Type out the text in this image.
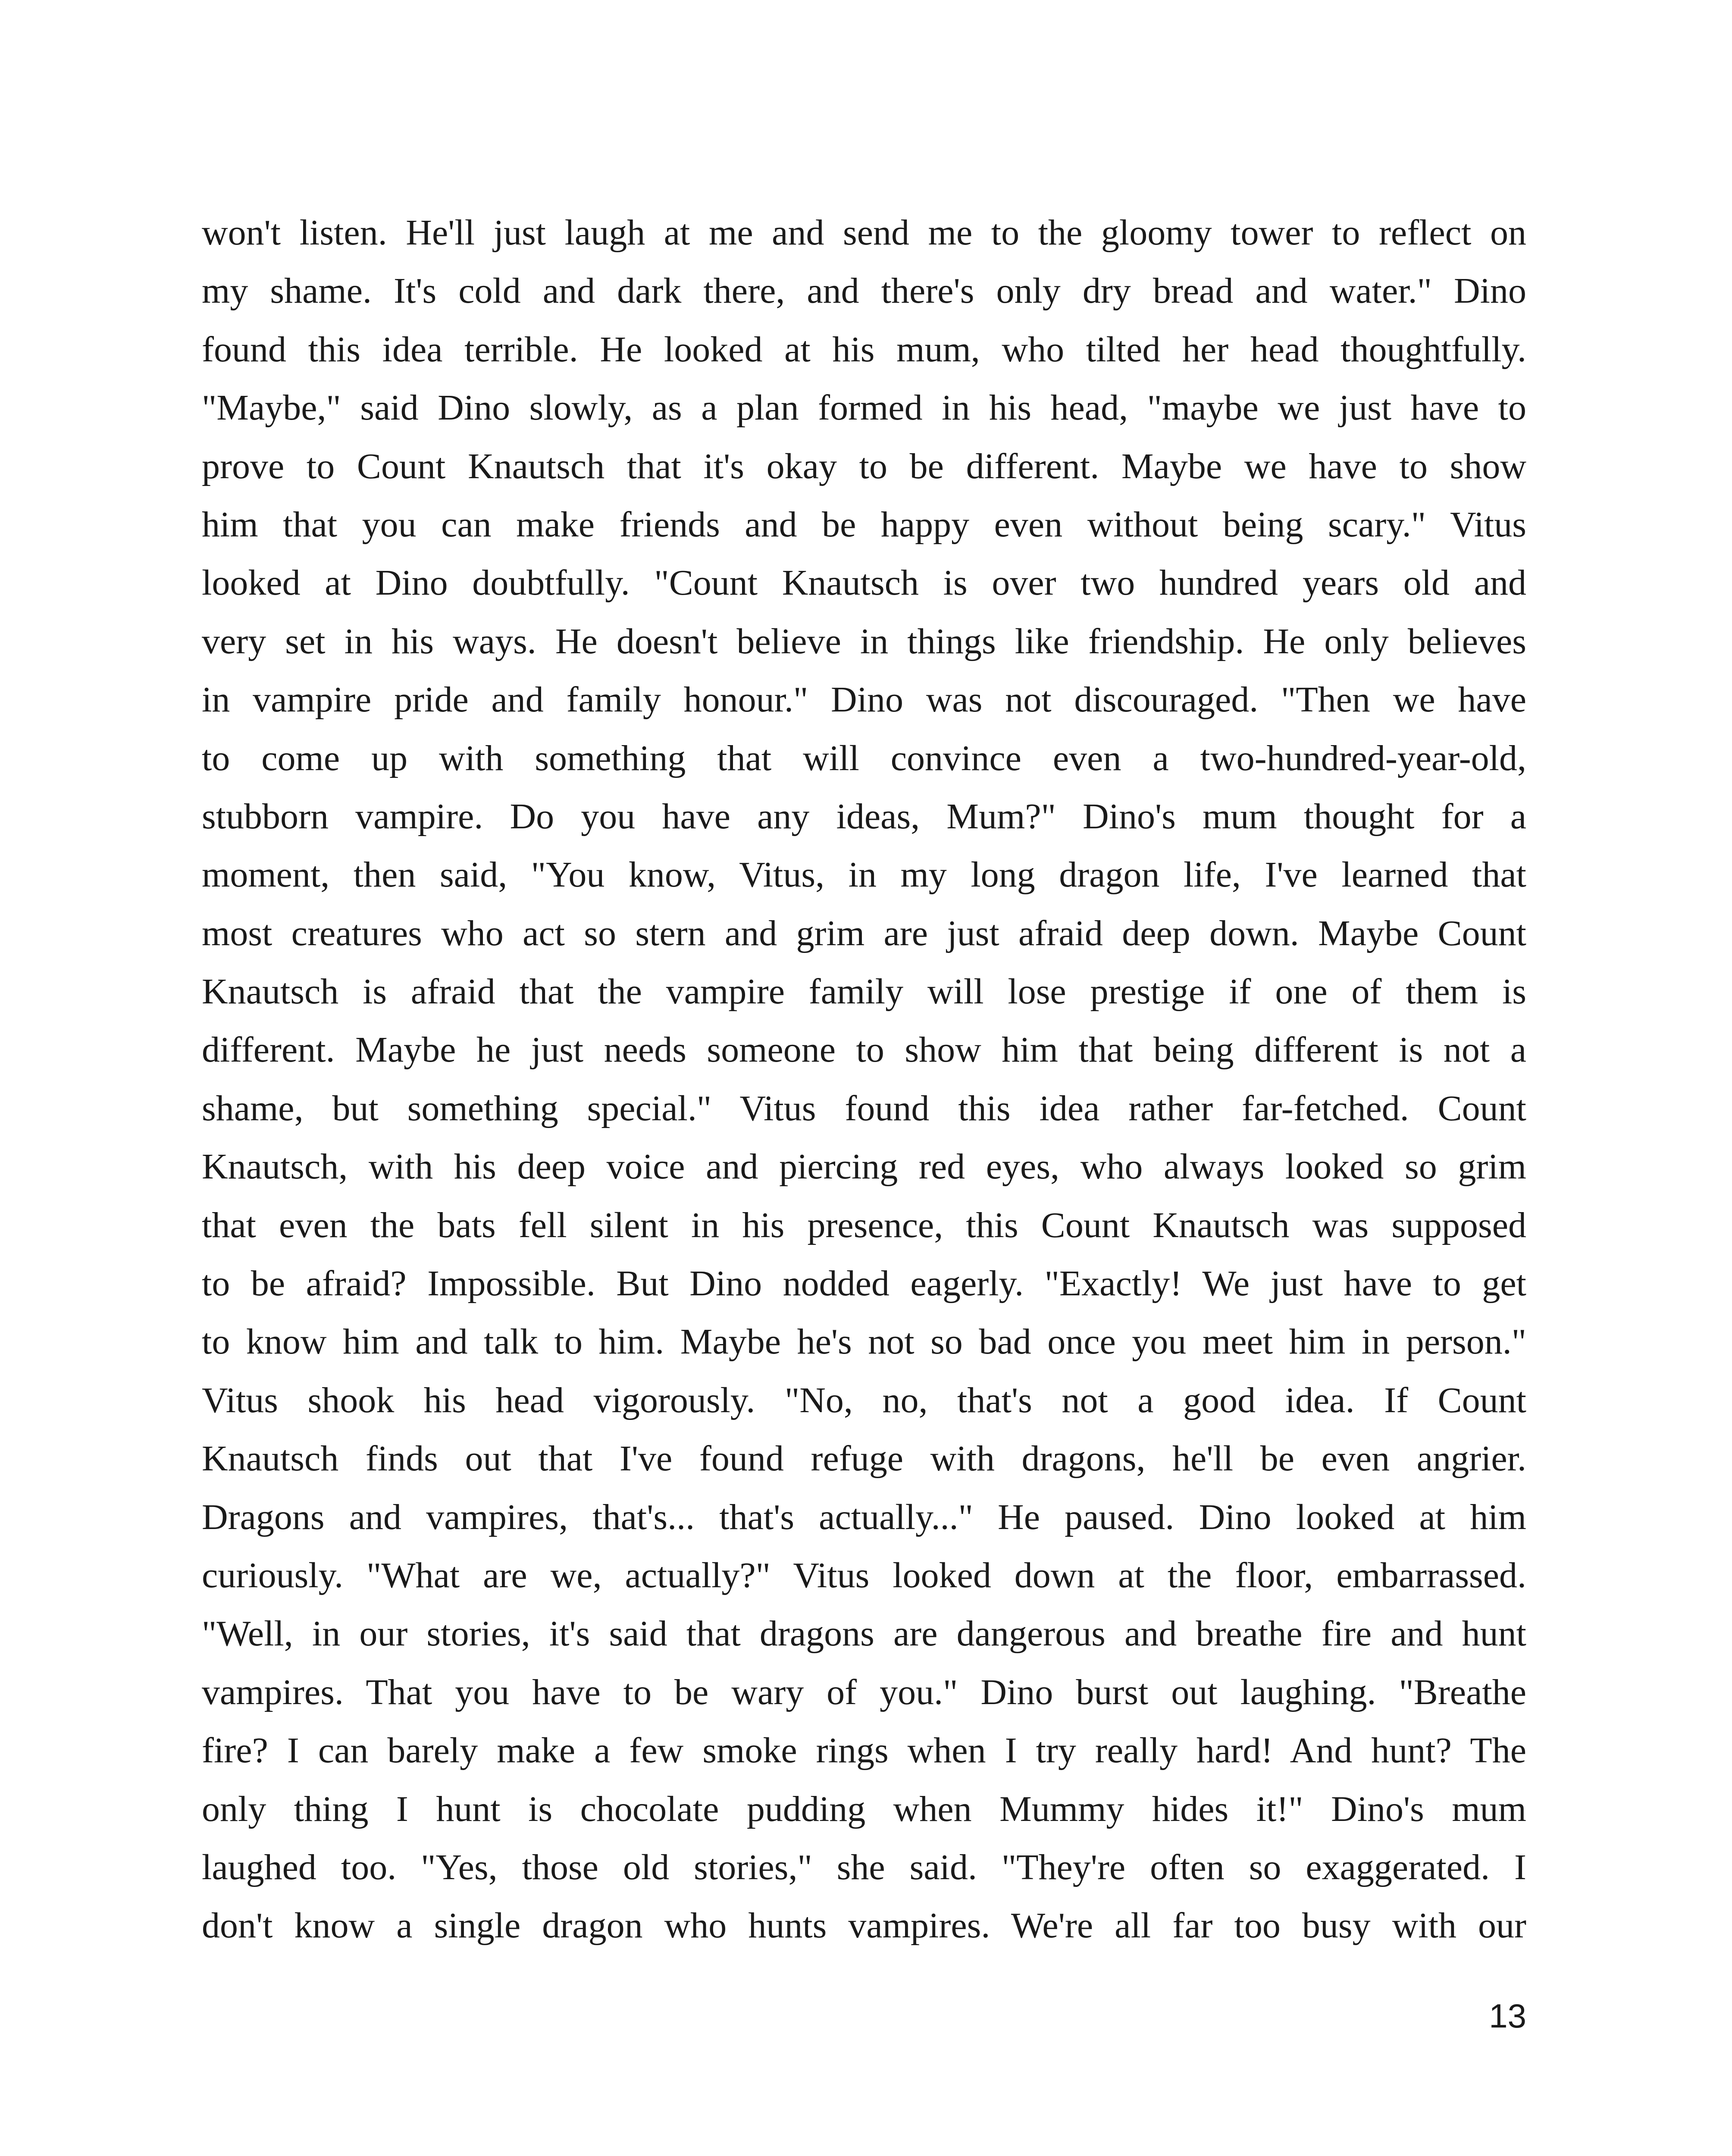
won't listen. He'll just laugh at me and send me to the gloomy tower to reflect on
my shame. It's cold and dark there, and there's only dry bread and water." Dino
found this idea terrible. He looked at his mum, who tilted her head thoughtfully.
"Maybe," said Dino slowly, as a plan formed in his head, "maybe we just have to
prove to Count Knautsch that it's okay to be different. Maybe we have to show
him that you can make friends and be happy even without being scary." Vitus
looked at Dino doubtfully. "Count Knautsch is over two hundred years old and
very set in his ways. He doesn't believe in things like friendship. He only believes
in vampire pride and family honour." Dino was not discouraged. "Then we have
to come up with something that will convince even a two-hundred-year-old,
stubborn vampire. Do you have any ideas, Mum?" Dino's mum thought for a
moment, then said, "You know, Vitus, in my long dragon life, I've learned that
most creatures who act so stern and grim are just afraid deep down. Maybe Count
Knautsch is afraid that the vampire family will lose prestige if one of them is
different. Maybe he just needs someone to show him that being different is not a
shame, but something special." Vitus found this idea rather far-fetched. Count
Knautsch, with his deep voice and piercing red eyes, who always looked so grim
that even the bats fell silent in his presence, this Count Knautsch was supposed
to be afraid? Impossible. But Dino nodded eagerly. "Exactly! We just have to get
to know him and talk to him. Maybe he's not so bad once you meet him in person."
Vitus shook his head vigorously. "No, no, that's not a good idea. If Count
Knautsch finds out that I've found refuge with dragons, he'll be even angrier.
Dragons and vampires, that's... that's actually..." He paused. Dino looked at him
curiously. "What are we, actually?" Vitus looked down at the floor, embarrassed.
"Well, in our stories, it's said that dragons are dangerous and breathe fire and hunt
vampires. That you have to be wary of you." Dino burst out laughing. "Breathe
fire? I can barely make a few smoke rings when I try really hard! And hunt? The
only thing I hunt is chocolate pudding when Mummy hides it!" Dino's mum
laughed too. "Yes, those old stories," she said. "They're often so exaggerated. I
don't know a single dragon who hunts vampires. We're all far too busy with our
13
